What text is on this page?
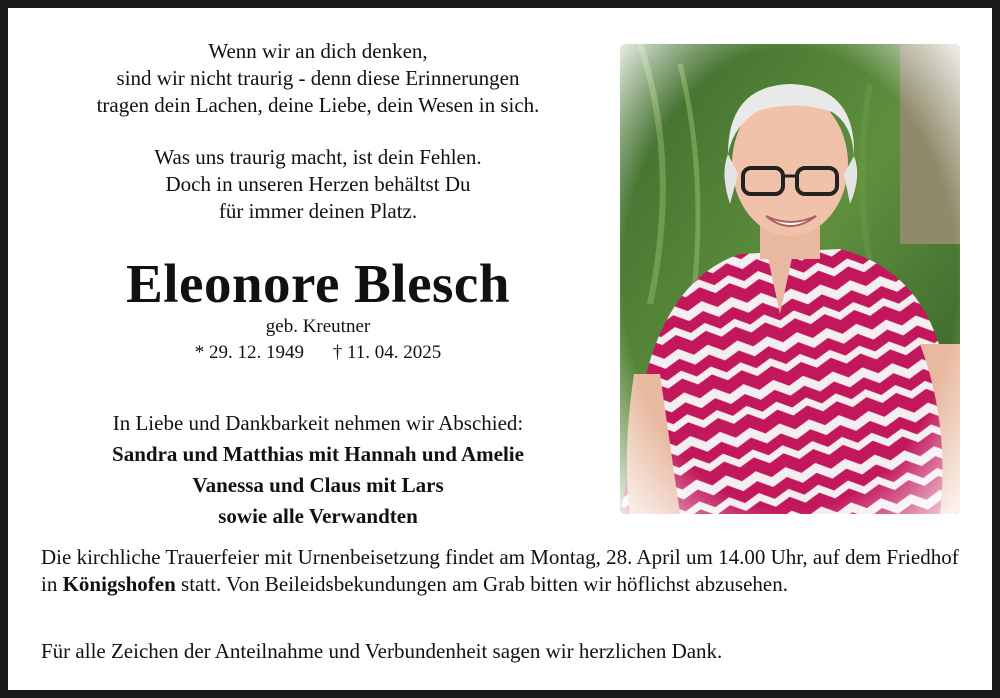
Wenn wir an dich denken,
sind wir nicht traurig - denn diese Erinnerungen
tragen dein Lachen, deine Liebe, dein Wesen in sich.
Was uns traurig macht, ist dein Fehlen.
Doch in unseren Herzen behältst Du
für immer deinen Platz.
Eleonore Blesch
geb. Kreutner
* 29. 12. 1949 † 11. 04. 2025
In Liebe und Dankbarkeit nehmen wir Abschied:
Sandra und Matthias mit Hannah und Amelie
Vanessa und Claus mit Lars
sowie alle Verwandten
Die kirchliche Trauerfeier mit Urnenbeisetzung findet am Montag, 28. April um 14.00 Uhr, auf dem Friedhof in Königshofen statt. Von Beileidsbekundungen am Grab bitten wir höflichst abzusehen.
Für alle Zeichen der Anteilnahme und Verbundenheit sagen wir herzlichen Dank.
